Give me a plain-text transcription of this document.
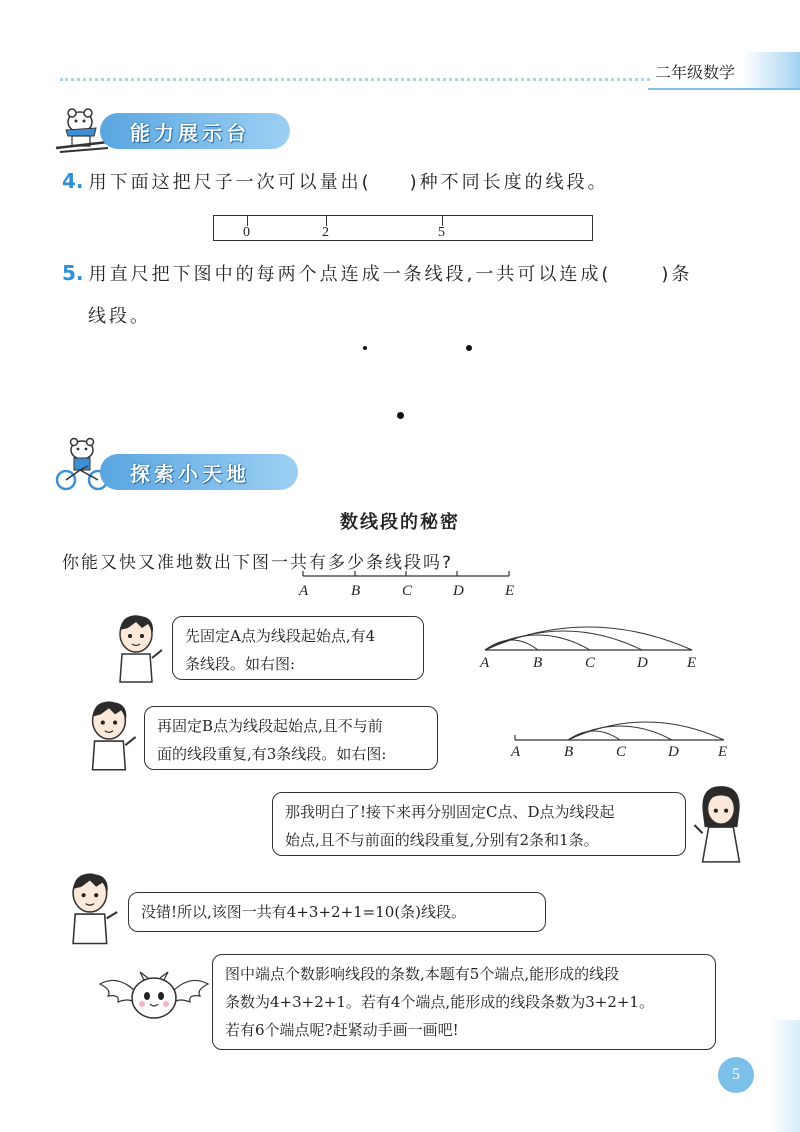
二年级数学
能力展示台
4. 用下面这把尺子一次可以量出( )种不同长度的线段。
0	2	5
5. 用直尺把下图中的每两个点连成一条线段,一共可以连成(	)条
线段。
探索小天地
数线段的秘密
你能又快又准地数出下图一共有多少条线段吗?
A	B	C	D	E
先固定A点为线段起始点,有4
条线段。如右图:	A	B	C	D	E
再固定B点为线段起始点,且不与前
面的线段重复,有3条线段。如右图:	A	B	C	D	E
那我明白了!接下来再分别固定C点、D点为线段起
始点,且不与前面的线段重复,分别有2条和1条。
没错!所以,该图一共有4+3+2+1=10(条)线段。
图中端点个数影响线段的条数,本题有5个端点,能形成的线段
条数为4+3+2+1。若有4个端点,能形成的线段条数为3+2+1。
若有6个端点呢?赶紧动手画一画吧!
5
